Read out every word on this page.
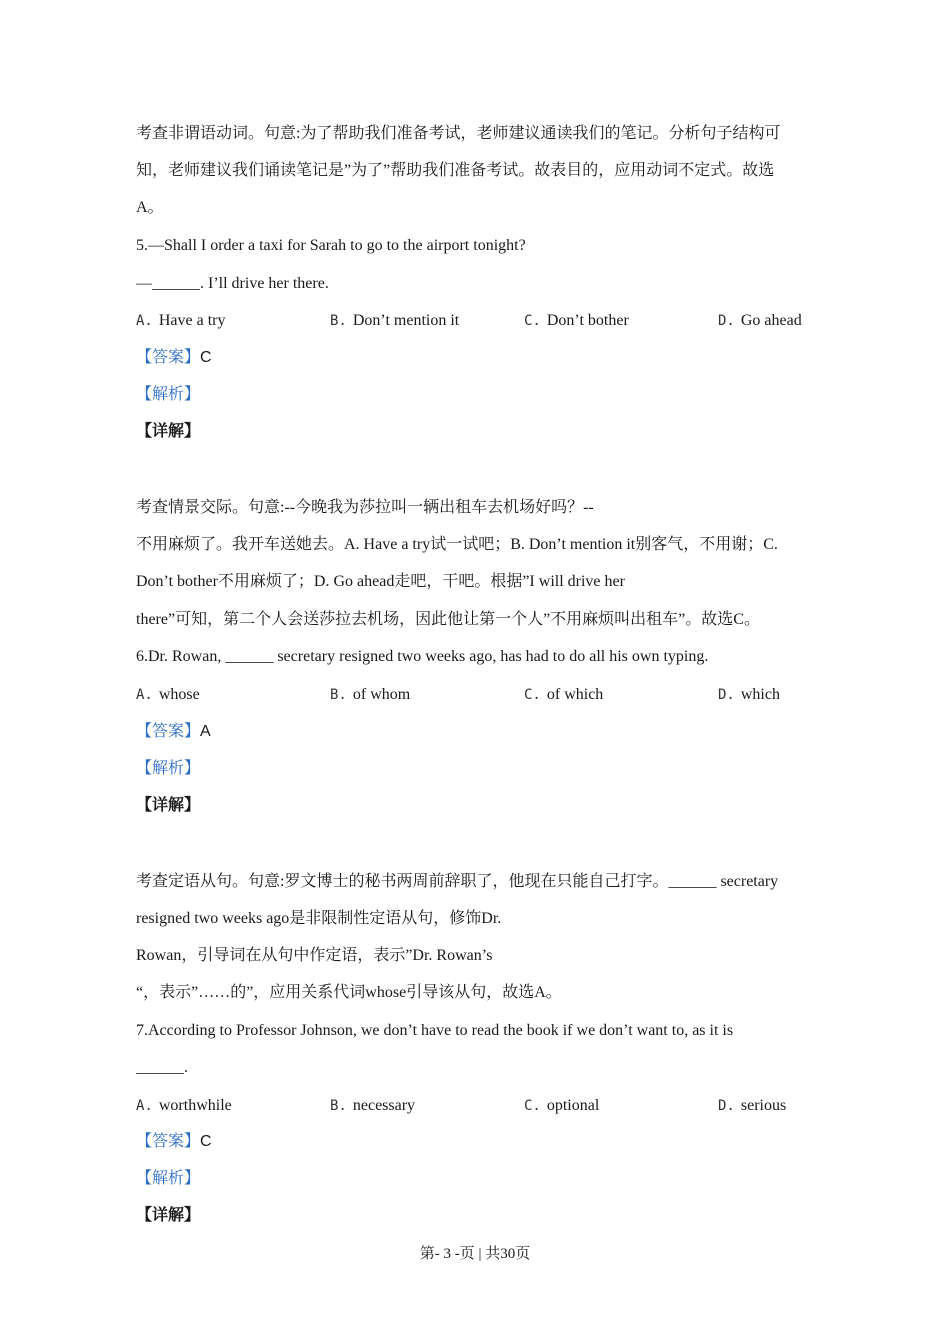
考查非谓语动词。句意:为了帮助我们准备考试，老师建议通读我们的笔记。分析句子结构可
知，老师建议我们诵读笔记是”为了”帮助我们准备考试。故表目的，应用动词不定式。故选
A。
5.—Shall I order a taxi for Sarah to go to the airport tonight?
—______. I’ll drive her there.
A. Have a try	B. Don’t mention it	C. Don’t bother	D. Go ahead
【答案】C
【解析】
【详解】
考查情景交际。句意:--今晚我为莎拉叫一辆出租车去机场好吗？--
不用麻烦了。我开车送她去。A. Have a try试一试吧；B. Don’t mention it别客气，不用谢；C.
Don’t bother不用麻烦了；D. Go ahead走吧，干吧。根据”I will drive her
there”可知，第二个人会送莎拉去机场，因此他让第一个人”不用麻烦叫出租车”。故选C。
6.Dr. Rowan, ______ secretary resigned two weeks ago, has had to do all his own typing.
A. whose	B. of whom	C. of which	D. which
【答案】A
【解析】
【详解】
考查定语从句。句意:罗文博士的秘书两周前辞职了，他现在只能自己打字。______ secretary
resigned two weeks ago是非限制性定语从句，修饰Dr.
Rowan，引导词在从句中作定语，表示”Dr. Rowan’s
“，表示”……的”，应用关系代词whose引导该从句，故选A。
7.According to Professor Johnson, we don’t have to read the book if we don’t want to, as it is
______.
A. worthwhile	B. necessary	C. optional	D. serious
【答案】C
【解析】
【详解】
第- 3 -页 | 共30页
